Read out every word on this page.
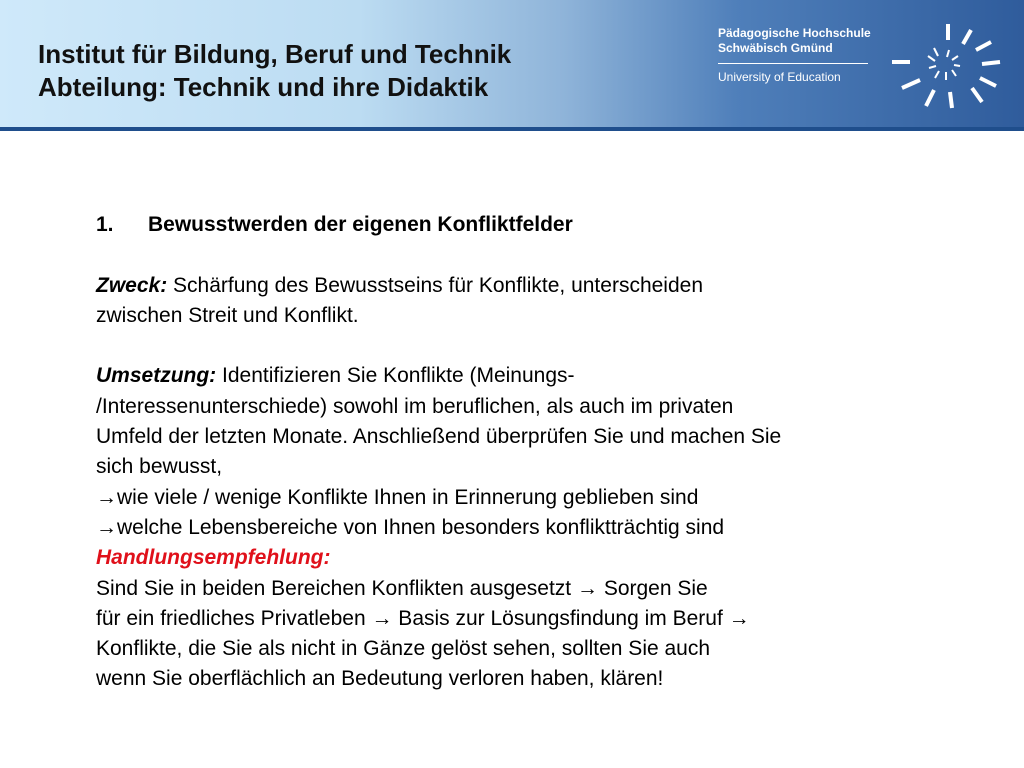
Institut für Bildung, Beruf und Technik
Abteilung: Technik und ihre Didaktik
Pädagogische Hochschule
Schwäbisch Gmünd
University of Education
1. Bewusstwerden der eigenen Konfliktfelder
Zweck: Schärfung des Bewusstseins für Konflikte, unterscheiden
zwischen Streit und Konflikt.
Umsetzung: Identifizieren Sie Konflikte (Meinungs-
/Interessenunterschiede) sowohl im beruflichen, als auch im privaten
Umfeld der letzten Monate. Anschließend überprüfen Sie und machen Sie
sich bewusst,
→wie viele / wenige Konflikte Ihnen in Erinnerung geblieben sind
→welche Lebensbereiche von Ihnen besonders konfliktträchtig sind
Handlungsempfehlung:
Sind Sie in beiden Bereichen Konflikten ausgesetzt → Sorgen Sie
für ein friedliches Privatleben → Basis zur Lösungsfindung im Beruf →
Konflikte, die Sie als nicht in Gänze gelöst sehen, sollten Sie auch
wenn Sie oberflächlich an Bedeutung verloren haben, klären!
